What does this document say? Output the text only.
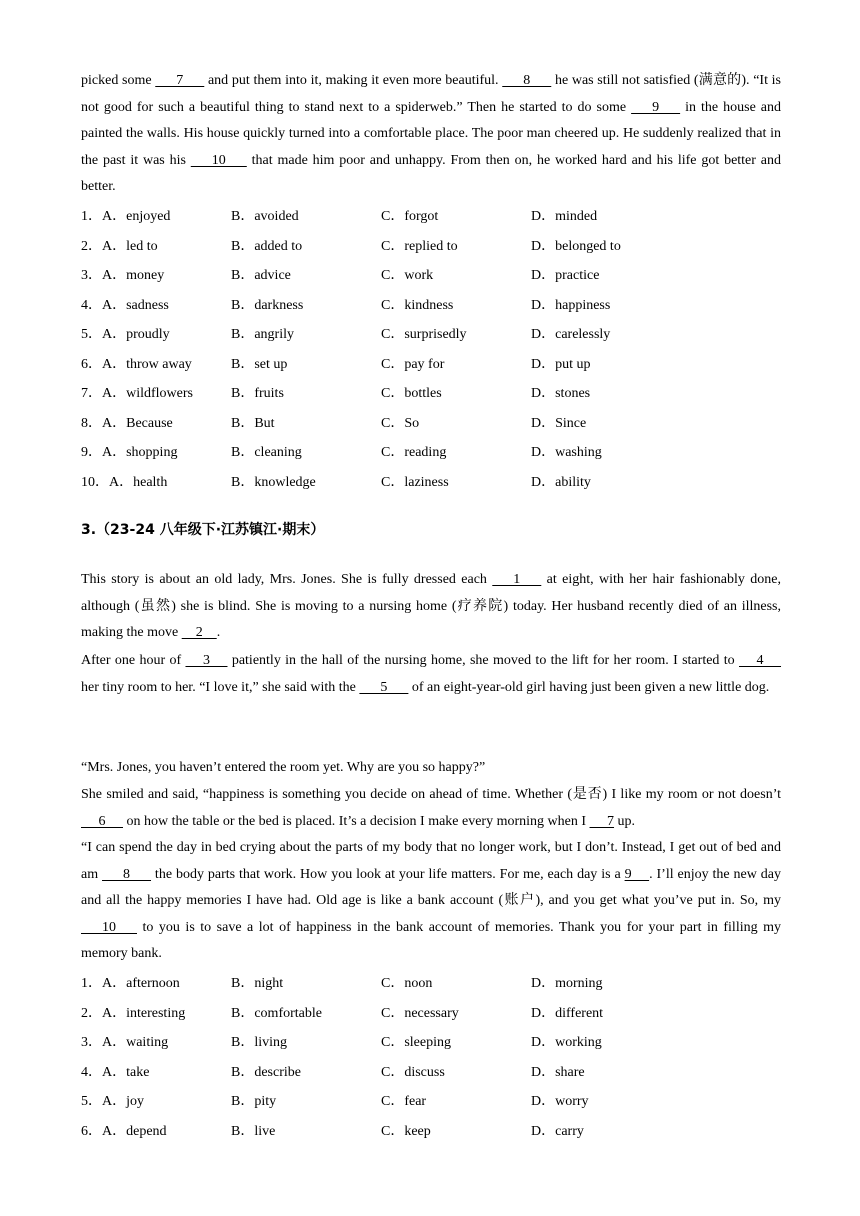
picked some       7       and put them into it, making it even more beautiful.       8       he was still not satisfied (满意的). “It is not good for such a beautiful thing to stand next to a spiderweb.” Then he started to do some       9       in the house and painted the walls. His house quickly turned into a comfortable place. The poor man cheered up. He suddenly realized that in the past it was his       10       that made him poor and unhappy. From then on, he worked hard and his life got better and better.

1．A．enjoyed	B．avoided	C．forgot	D．minded
2．A．led to	B．added to	C．replied to	D．belonged to
3．A．money	B．advice	C．work	D．practice
4．A．sadness	B．darkness	C．kindness	D．happiness
5．A．proudly	B．angrily	C．surprisedly	D．carelessly
6．A．throw away	B．set up	C．pay for	D．put up
7．A．wildflowers	B．fruits	C．bottles	D．stones
8．A．Because	B．But	C．So	D．Since
9．A．shopping	B．cleaning	C．reading	D．washing
10．A．health	B．knowledge	C．laziness	D．ability
3.（23-24 八年级下·江苏镇江·期末）

This story is about an old lady, Mrs. Jones. She is fully dressed each       1       at eight, with her hair fashionably done, although (虽然) she is blind. She is moving to a nursing home (疗养院) today. Her husband recently died of an illness, making the move     2    .

After one hour of      3      patiently in the hall of the nursing home, she moved to the lift for her room. I started to      4      her tiny room to her. “I love it,” she said with the       5       of an eight-year-old girl having just been given a new little dog.

“Mrs. Jones, you haven’t entered the room yet. Why are you so happy?”

She smiled and said, “happiness is something you decide on ahead of time. Whether (是否) I like my room or not doesn’t      6      on how the table or the bed is placed. It’s a decision I make every morning when I      7 up.

“I can spend the day in bed crying about the parts of my body that no longer work, but I don’t. Instead, I get out of bed and am       8       the body parts that work. How you look at your life matters. For me, each day is a 9     . I’ll enjoy the new day and all the happy memories I have had. Old age is like a bank account (账户), and you get what you’ve put in. So, my       10       to you is to save a lot of happiness in the bank account of memories. Thank you for your part in filling my memory bank.

1．A．afternoon	B．night	C．noon	D．morning
2．A．interesting	B．comfortable	C．necessary	D．different
3．A．waiting	B．living	C．sleeping	D．working
4．A．take	B．describe	C．discuss	D．share
5．A．joy	B．pity	C．fear	D．worry
6．A．depend	B．live	C．keep	D．carry
